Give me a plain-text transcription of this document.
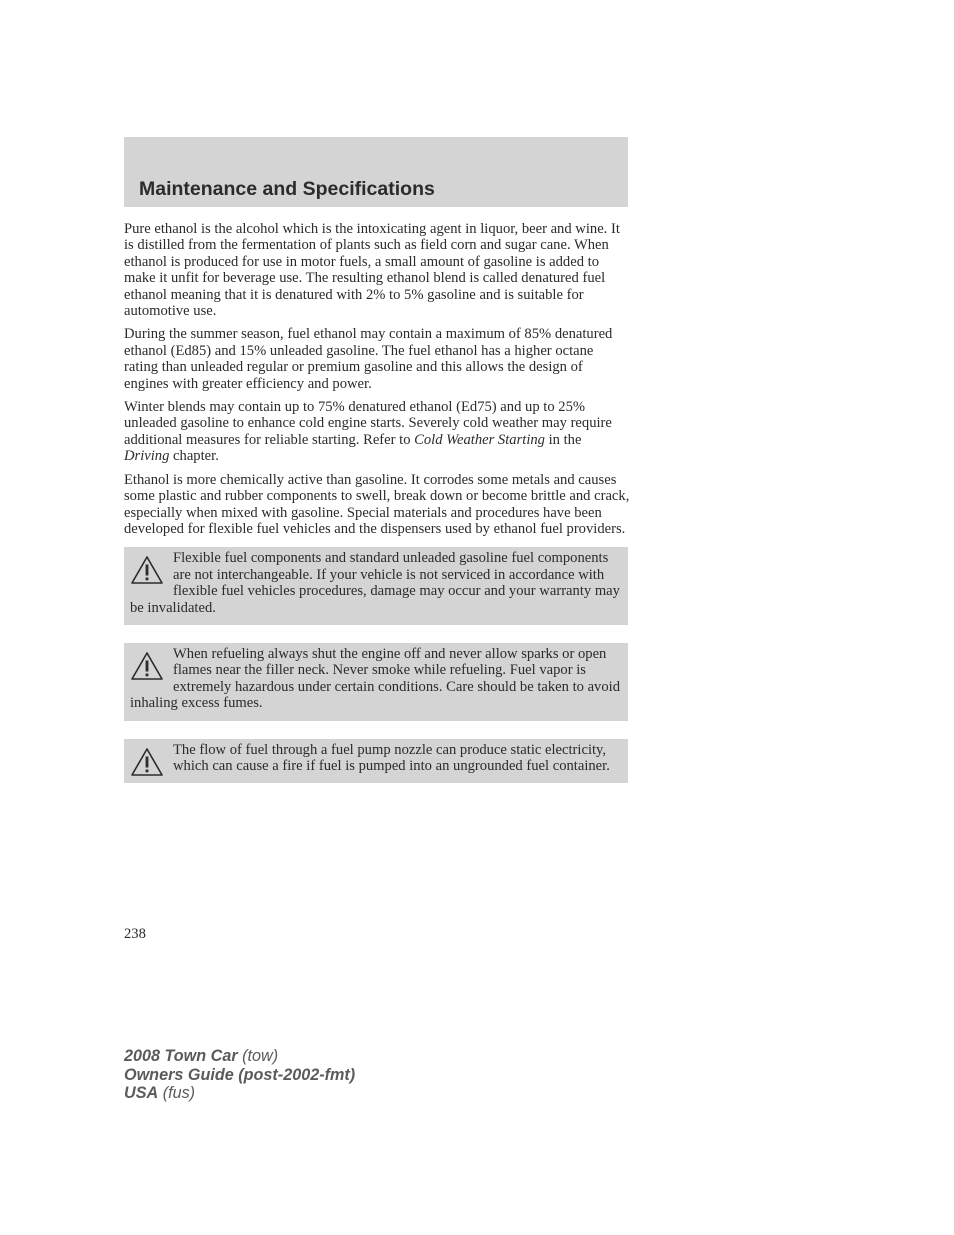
Maintenance and Specifications

Pure ethanol is the alcohol which is the intoxicating agent in liquor, beer and wine. It is distilled from the fermentation of plants such as field corn and sugar cane. When ethanol is produced for use in motor fuels, a small amount of gasoline is added to make it unfit for beverage use. The resulting ethanol blend is called denatured fuel ethanol meaning that it is denatured with 2% to 5% gasoline and is suitable for automotive use.

During the summer season, fuel ethanol may contain a maximum of 85% denatured ethanol (Ed85) and 15% unleaded gasoline. The fuel ethanol has a higher octane rating than unleaded regular or premium gasoline and this allows the design of engines with greater efficiency and power.

Winter blends may contain up to 75% denatured ethanol (Ed75) and up to 25% unleaded gasoline to enhance cold engine starts. Severely cold weather may require additional measures for reliable starting. Refer to Cold Weather Starting in the Driving chapter.

Ethanol is more chemically active than gasoline. It corrodes some metals and causes some plastic and rubber components to swell, break down or become brittle and crack, especially when mixed with gasoline. Special materials and procedures have been developed for flexible fuel vehicles and the dispensers used by ethanol fuel providers.

Flexible fuel components and standard unleaded gasoline fuel components are not interchangeable. If your vehicle is not serviced in accordance with flexible fuel vehicles procedures, damage may occur and your warranty may be invalidated.

When refueling always shut the engine off and never allow sparks or open flames near the filler neck. Never smoke while refueling. Fuel vapor is extremely hazardous under certain conditions. Care should be taken to avoid inhaling excess fumes.

The flow of fuel through a fuel pump nozzle can produce static electricity, which can cause a fire if fuel is pumped into an ungrounded fuel container.

238
2008 Town Car (tow)
Owners Guide (post-2002-fmt)
USA (fus)
